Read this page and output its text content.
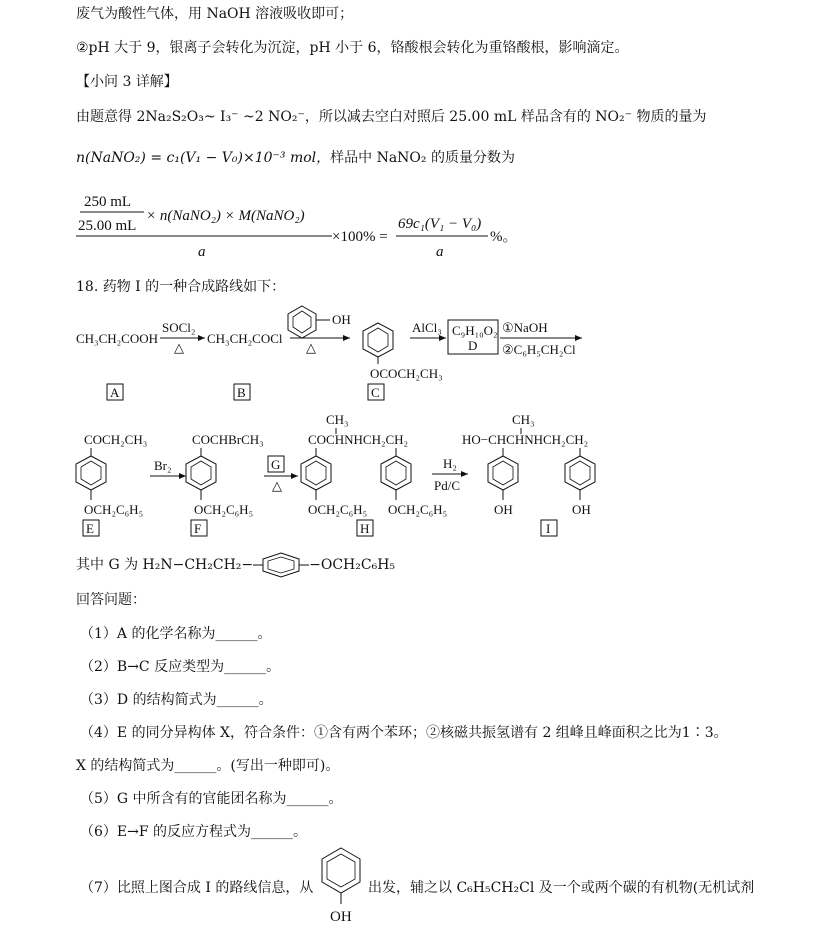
废气为酸性气体，用 NaOH 溶液吸收即可；
②pH 大于 9，银离子会转化为沉淀，pH 小于 6，铬酸根会转化为重铬酸根，影响滴定。
【小问 3 详解】
由题意得 2Na₂S₂O₃~ I₃⁻ ~2 NO₂⁻，所以减去空白对照后 25.00 mL 样品含有的 NO₂⁻ 物质的量为
n(NaNO₂) = c₁(V₁ − V₀)×10⁻³ mol，样品中 NaNO₂ 的质量分数为
250 mL
25.00 mL
× n(NaNO₂) × M(NaNO₂)
a
×100% =
69c₁(V₁ − V₀)
a
%。
18. 药物 I 的一种合成路线如下：
CH₃CH₂COOH
SOCl₂
△
CH₃CH₂COCl
OH
△
OCOCH₂CH₃
AlCl₃ C₉H₁₀O₂
D
①NaOH
②C₆H₅CH₂Cl
A	B	C
COCH₂CH₃
OCH₂C₆H₅
E
Br₂
COCHBrCH₃
OCH₂C₆H₅
F
G
△
CH₃
COCHNHCH₂CH₂
OCH₂C₆H₅ OCH₂C₆H₅
H
H₂
Pd/C
CH₃
HO−CHCHNHCH₂CH₂
OH	OH
I
其中 G 为 H₂N−CH₂CH₂−	−OCH₂C₆H₅
回答问题：
（1）A 的化学名称为______。
（2）B→C 反应类型为______。
（3）D 的结构简式为______。
（4）E 的同分异构体 X，符合条件：①含有两个苯环；②核磁共振氢谱有 2 组峰且峰面积之比为1∶3。
X 的结构简式为______。(写出一种即可)。
（5）G 中所含有的官能团名称为______。
（6）E→F 的反应方程式为______。
（7）比照上图合成 I 的路线信息，从
OH
出发，辅之以 C₆H₅CH₂Cl 及一个或两个碳的有机物(无机试剂
